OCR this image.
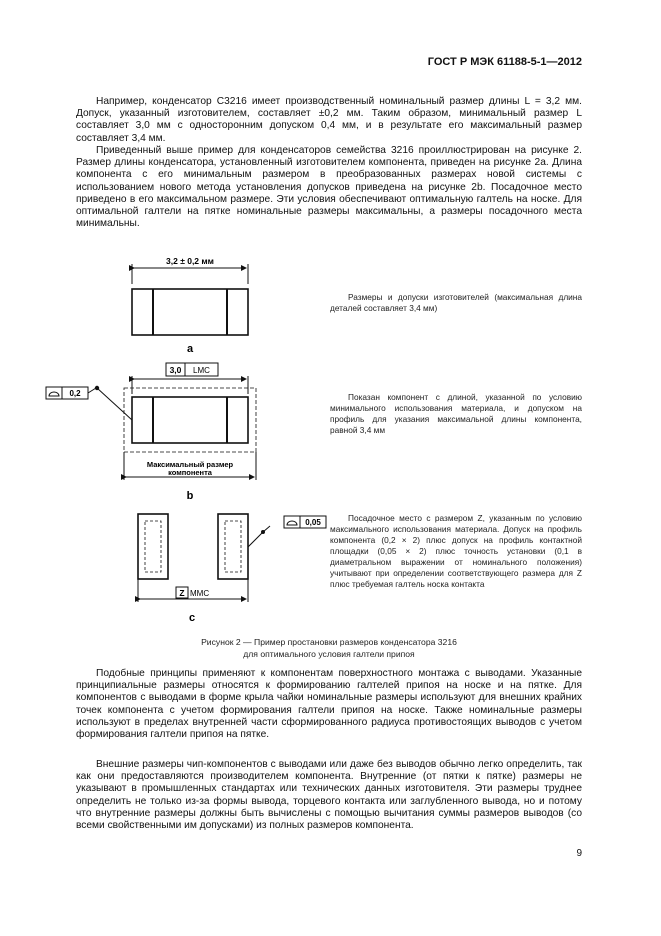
ГОСТ Р МЭК 61188-5-1—2012

Например, конденсатор С3216 имеет производственный номинальный размер длины L = 3,2 мм. Допуск, указанный изготовителем, составляет ±0,2 мм. Таким образом, минимальный размер L составляет 3,0 мм с односторонним допуском 0,4 мм, и в результате его максимальный размер составляет 3,4 мм.

Приведенный выше пример для конденсаторов семейства 3216 проиллюстрирован на рисунке 2. Размер длины конденсатора, установленный изготовителем компонента, приведен на рисунке 2а. Длина компонента с его минимальным размером в преобразованных размерах новой системы с использованием нового метода установления допусков приведена на рисунке 2b. Посадочное место приведено в его максимальном размере. Эти условия обеспечивают оптимальную галтель на носке. Для оптимальной галтели на пятке номинальные размеры максимальны, а размеры посадочного места минимальны.

3,2 ± 0,2 мм
a
3,0 LMC
Максимальный размер
компонента
0,2
b
Z MMC
0,05
c

Размеры и допуски изготовителей (максимальная длина деталей составляет 3,4 мм)

Показан компонент с длиной, указанной по условию минимального использования материала, и допуском на профиль для указания максимальной длины компонента, равной 3,4 мм

Посадочное место с размером Z, указанным по условию максимального использования материала. Допуск на профиль компонента (0,2 × 2) плюс допуск на профиль контактной площадки (0,05 × 2) плюс точность установки (0,1 в диаметральном выражении от номинального положения) учитывают при определении соответствующего размера для Z плюс требуемая галтель носка контакта

Рисунок 2 — Пример простановки размеров конденсатора 3216
для оптимального условия галтели припоя

Подобные принципы применяют к компонентам поверхностного монтажа с выводами. Указанные принципиальные размеры относятся к формированию галтелей припоя на носке и на пятке. Для компонентов с выводами в форме крыла чайки номинальные размеры используют для внешних крайних точек компонента с учетом формирования галтели припоя на носке. Также номинальные размеры используют в пределах внутренней части сформированного радиуса противостоящих выводов с учетом формирования галтели припоя на пятке.

Внешние размеры чип-компонентов с выводами или даже без выводов обычно легко определить, так как они предоставляются производителем компонента. Внутренние (от пятки к пятке) размеры не указывают в промышленных стандартах или технических данных изготовителя. Эти размеры труднее определить не только из-за формы вывода, торцевого контакта или заглубленного вывода, но и потому что внутренние размеры должны быть вычислены с помощью вычитания суммы размеров выводов (со всеми свойственными им допусками) из полных размеров компонента.

9
